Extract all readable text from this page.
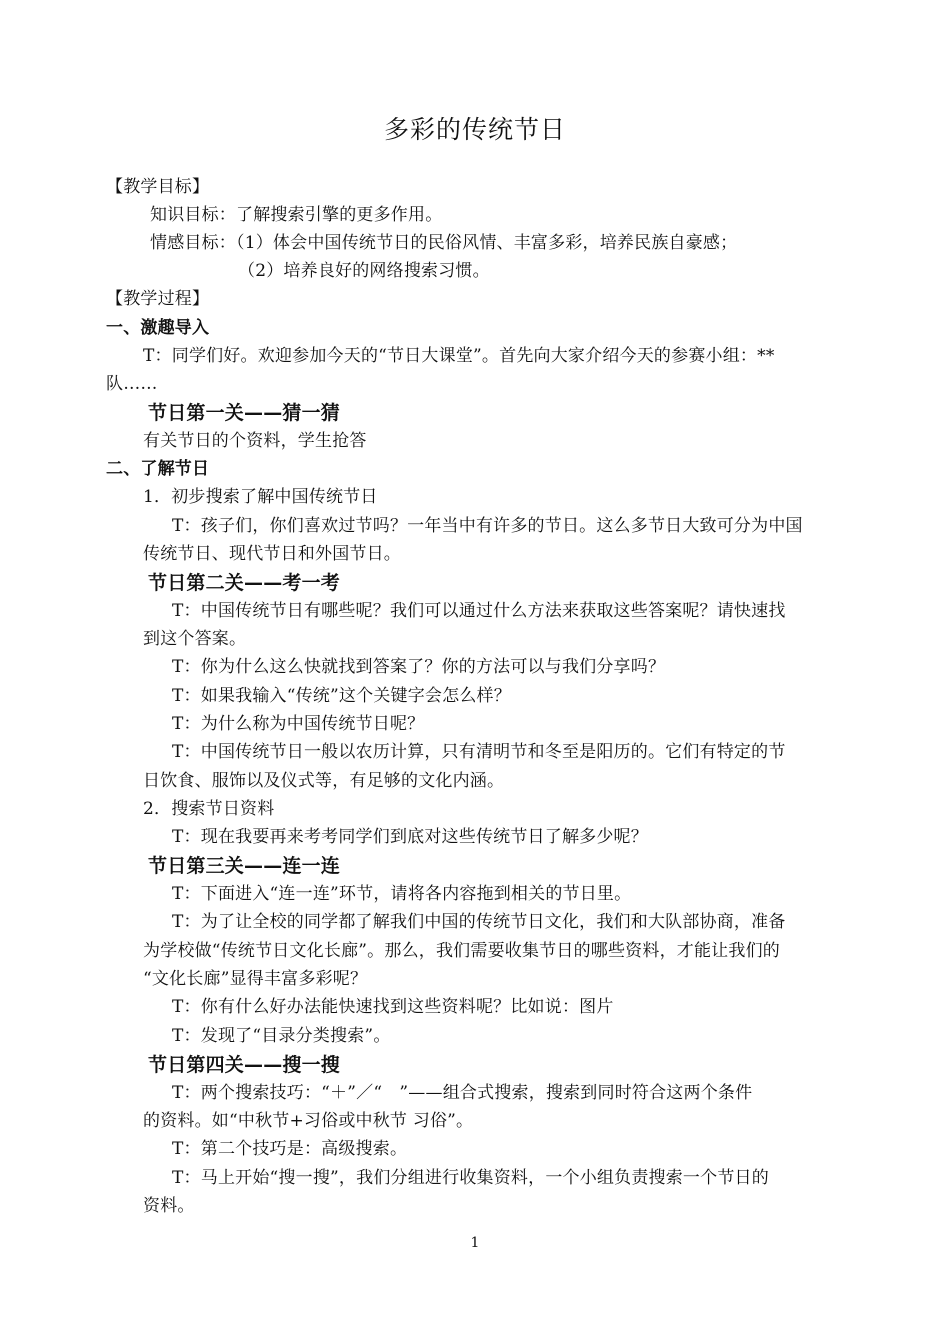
多彩的传统节日
【教学目标】
知识目标：了解搜索引擎的更多作用。
情感目标：（1）体会中国传统节日的民俗风情、丰富多彩，培养民族自豪感；
（2）培养良好的网络搜索习惯。
【教学过程】
一、激趣导入
T：同学们好。欢迎参加今天的“节日大课堂”。首先向大家介绍今天的参赛小组：**
队……
节日第一关——猜一猜
有关节日的个资料，学生抢答
二、了解节日
1．初步搜索了解中国传统节日
T：孩子们，你们喜欢过节吗？一年当中有许多的节日。这么多节日大致可分为中国
传统节日、现代节日和外国节日。
节日第二关——考一考
T：中国传统节日有哪些呢？我们可以通过什么方法来获取这些答案呢？请快速找
到这个答案。
T：你为什么这么快就找到答案了？你的方法可以与我们分享吗？
T：如果我输入“传统”这个关键字会怎么样？
T：为什么称为中国传统节日呢？
T：中国传统节日一般以农历计算，只有清明节和冬至是阳历的。它们有特定的节
日饮食、服饰以及仪式等，有足够的文化内涵。
2．搜索节日资料
T：现在我要再来考考同学们到底对这些传统节日了解多少呢？
节日第三关——连一连
T：下面进入“连一连”环节，请将各内容拖到相关的节日里。
T：为了让全校的同学都了解我们中国的传统节日文化，我们和大队部协商，准备
为学校做“传统节日文化长廊”。那么，我们需要收集节日的哪些资料，才能让我们的
“文化长廊”显得丰富多彩呢？
T：你有什么好办法能快速找到这些资料呢？比如说：图片
T：发现了“目录分类搜索”。
节日第四关——搜一搜
T：两个搜索技巧：“＋”／“　”——组合式搜索，搜索到同时符合这两个条件
的资料。如“中秋节+习俗或中秋节 习俗”。
T：第二个技巧是：高级搜索。
T：马上开始“搜一搜”，我们分组进行收集资料，一个小组负责搜索一个节日的
资料。
1
